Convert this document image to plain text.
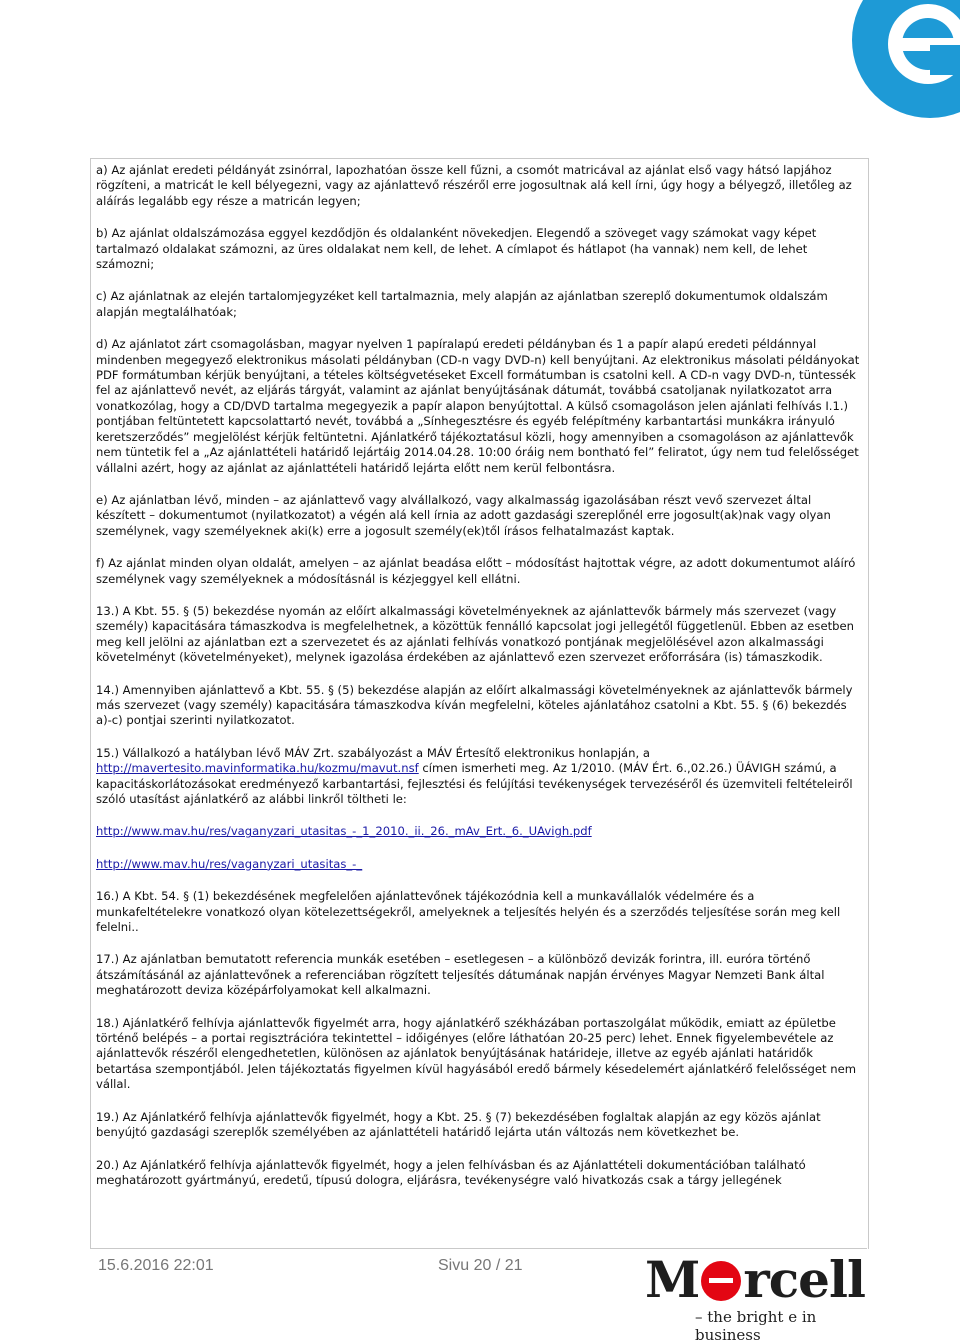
a) Az ajánlat eredeti példányát zsinórral, lapozhatóan össze kell fűzni, a csomót matricával az ajánlat első vagy hátsó lapjához rögzíteni, a matricát le kell bélyegezni, vagy az ajánlattevő részéről erre jogosultnak alá kell írni, úgy hogy a bélyegző, illetőleg az aláírás legalább egy része a matricán legyen;

b) Az ajánlat oldalszámozása eggyel kezdődjön és oldalanként növekedjen. Elegendő a szöveget vagy számokat vagy képet tartalmazó oldalakat számozni, az üres oldalakat nem kell, de lehet. A címlapot és hátlapot (ha vannak) nem kell, de lehet számozni;

c) Az ajánlatnak az elején tartalomjegyzéket kell tartalmaznia, mely alapján az ajánlatban szereplő dokumentumok oldalszám alapján megtalálhatóak;

d) Az ajánlatot zárt csomagolásban, magyar nyelven 1 papíralapú eredeti példányban és 1 a papír alapú eredeti példánnyal mindenben megegyező elektronikus másolati példányban (CD-n vagy DVD-n) kell benyújtani. Az elektronikus másolati példányokat PDF formátumban kérjük benyújtani, a tételes költségvetéseket Excell formátumban is csatolni kell. A CD-n vagy DVD-n, tüntessék fel az ajánlattevő nevét, az eljárás tárgyát, valamint az ajánlat benyújtásának dátumát, továbbá csatoljanak nyilatkozatot arra vonatkozólag, hogy a CD/DVD tartalma megegyezik a papír alapon benyújtottal. A külső csomagoláson jelen ajánlati felhívás I.1.) pontjában feltüntetett kapcsolattartó nevét, továbbá a „Sínhegesztésre és egyéb felépítmény karbantartási munkákra irányuló keretszerződés” megjelölést kérjük feltüntetni. Ajánlatkérő tájékoztatásul közli, hogy amennyiben a csomagoláson az ajánlattevők nem tüntetik fel a „Az ajánlattételi határidő lejártáig 2014.04.28. 10:00 óráig nem bontható fel” feliratot, úgy nem tud felelősséget vállalni azért, hogy az ajánlat az ajánlattételi határidő lejárta előtt nem kerül felbontásra.

e) Az ajánlatban lévő, minden – az ajánlattevő vagy alvállalkozó, vagy alkalmasság igazolásában részt vevő szervezet által készített – dokumentumot (nyilatkozatot) a végén alá kell írnia az adott gazdasági szereplőnél erre jogosult(ak)nak vagy olyan személynek, vagy személyeknek aki(k) erre a jogosult személy(ek)től írásos felhatalmazást kaptak.

f) Az ajánlat minden olyan oldalát, amelyen – az ajánlat beadása előtt – módosítást hajtottak végre, az adott dokumentumot aláíró személynek vagy személyeknek a módosításnál is kézjeggyel kell ellátni.

13.) A Kbt. 55. § (5) bekezdése nyomán az előírt alkalmassági követelményeknek az ajánlattevők bármely más szervezet (vagy személy) kapacitására támaszkodva is megfelelhetnek, a közöttük fennálló kapcsolat jogi jellegétől függetlenül. Ebben az esetben meg kell jelölni az ajánlatban ezt a szervezetet és az ajánlati felhívás vonatkozó pontjának megjelölésével azon alkalmassági követelményt (követelményeket), melynek igazolása érdekében az ajánlattevő ezen szervezet erőforrására (is) támaszkodik.

14.) Amennyiben ajánlattevő a Kbt. 55. § (5) bekezdése alapján az előírt alkalmassági követelményeknek az ajánlattevők bármely más szervezet (vagy személy) kapacitására támaszkodva kíván megfelelni, köteles ajánlatához csatolni a Kbt. 55. § (6) bekezdés a)-c) pontjai szerinti nyilatkozatot.

15.) Vállalkozó a hatályban lévő MÁV Zrt. szabályozást a MÁV Értesítő elektronikus honlapján, a http://mavertesito.mavinformatika.hu/kozmu/mavut.nsf címen ismerheti meg. Az 1/2010. (MÁV Ért. 6.,02.26.) ÜÁVIGH számú, a kapacitáskorlátozásokat eredményező karbantartási, fejlesztési és felújítási tevékenységek tervezéséről és üzemviteli feltételeiről szóló utasítást ajánlatkérő az alábbi linkről töltheti le:

http://www.mav.hu/res/vaganyzari_utasitas_-_1_2010._ii._26._mAv_Ert._6._UAvigh.pdf
http://www.mav.hu/res/vaganyzari_utasitas_-_

16.) A Kbt. 54. § (1) bekezdésének megfelelően ajánlattevőnek tájékozódnia kell a munkavállalók védelmére és a munkafeltételekre vonatkozó olyan kötelezettségekről, amelyeknek a teljesítés helyén és a szerződés teljesítése során meg kell felelni..

17.) Az ajánlatban bemutatott referencia munkák esetében – esetlegesen – a különböző devizák forintra, ill. euróra történő átszámításánál az ajánlattevőnek a referenciában rögzített teljesítés dátumának napján érvényes Magyar Nemzeti Bank által meghatározott deviza középárfolyamokat kell alkalmazni.

18.) Ajánlatkérő felhívja ajánlattevők figyelmét arra, hogy ajánlatkérő székházában portaszolgálat működik, emiatt az épületbe történő belépés – a portai regisztrációra tekintettel – időigényes (előre láthatóan 20-25 perc) lehet. Ennek figyelembevétele az ajánlattevők részéről elengedhetetlen, különösen az ajánlatok benyújtásának határideje, illetve az egyéb ajánlati határidők betartása szempontjából. Jelen tájékoztatás figyelmen kívül hagyásából eredő bármely késedelemért ajánlatkérő felelősséget nem vállal.

19.) Az Ajánlatkérő felhívja ajánlattevők figyelmét, hogy a Kbt. 25. § (7) bekezdésében foglaltak alapján az egy közös ajánlat benyújtó gazdasági szereplők személyében az ajánlattételi határidő lejárta után változás nem következhet be.

20.) Az Ajánlatkérő felhívja ajánlattevők figyelmét, hogy a jelen felhívásban és az Ajánlattételi dokumentációban található meghatározott gyártmányú, eredetű, típusú dologra, eljárásra, tevékenységre való hivatkozás csak a tárgy jellegének

15.6.2016 22:01	Sivu 20 / 21 M rcell
– the bright e in business
